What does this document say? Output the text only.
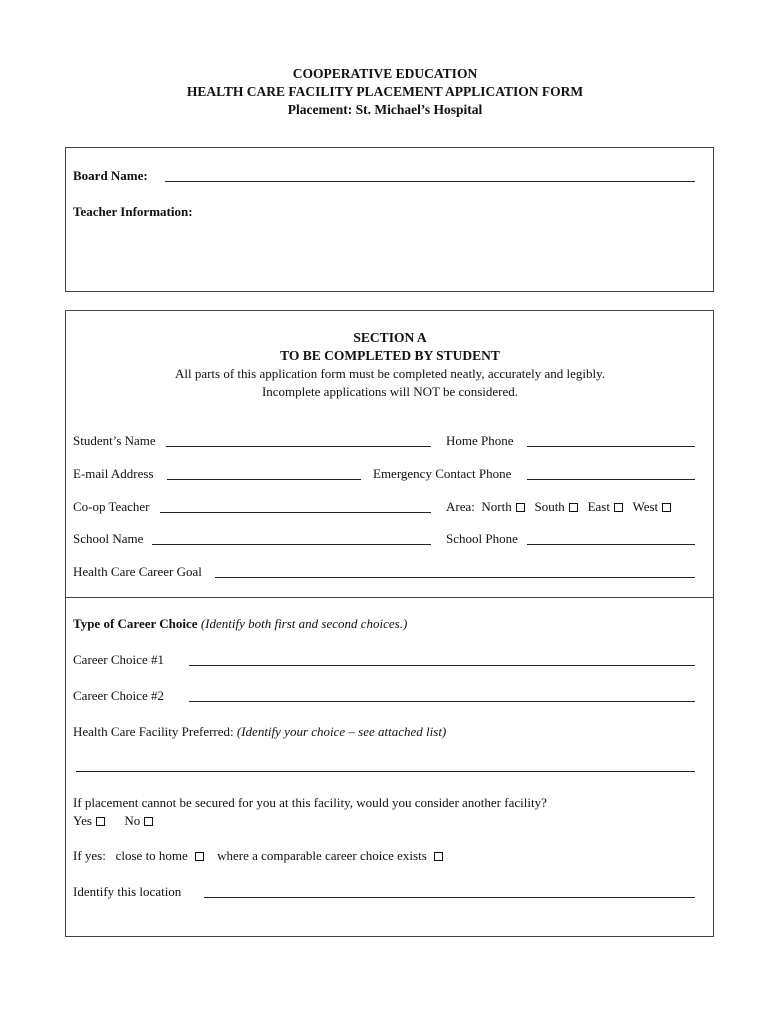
COOPERATIVE EDUCATION
HEALTH CARE FACILITY PLACEMENT APPLICATION FORM
Placement: St. Michael’s Hospital
Board Name:
Teacher Information:
SECTION A
TO BE COMPLETED BY STUDENT
All parts of this application form must be completed neatly, accurately and legibly.
Incomplete applications will NOT be considered.
Student’s Name	Home Phone
E-mail Address	Emergency Contact Phone
Co-op Teacher	Area: North South East West
School Name	School Phone
Health Care Career Goal
Type of Career Choice (Identify both first and second choices.)
Career Choice #1
Career Choice #2
Health Care Facility Preferred: (Identify your choice – see attached list)
If placement cannot be secured for you at this facility, would you consider another facility?
Yes	No
If yes: close to home where a comparable career choice exists
Identify this location
